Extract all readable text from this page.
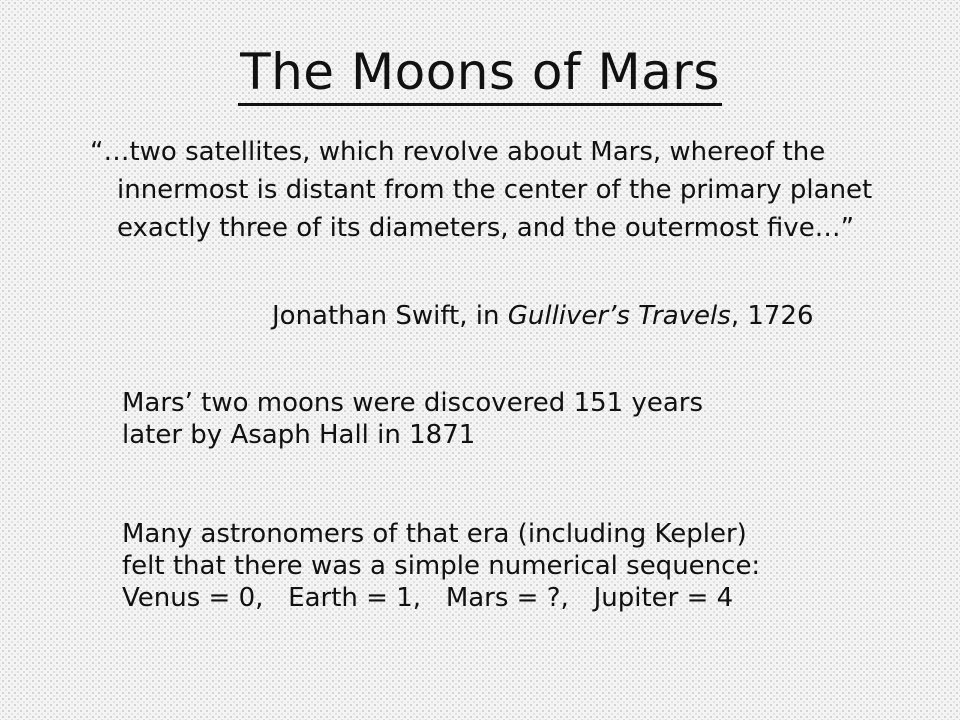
The Moons of Mars
“…two satellites, which revolve about Mars, whereof the innermost is distant from the center of the primary planet exactly three of its diameters, and the outermost five…”
Jonathan Swift, in Gulliver’s Travels, 1726
Mars’ two moons were discovered 151 years
later by Asaph Hall in 1871
Many astronomers of that era (including Kepler)
felt that there was a simple numerical sequence:
Venus = 0,   Earth = 1,   Mars = ?,   Jupiter = 4
